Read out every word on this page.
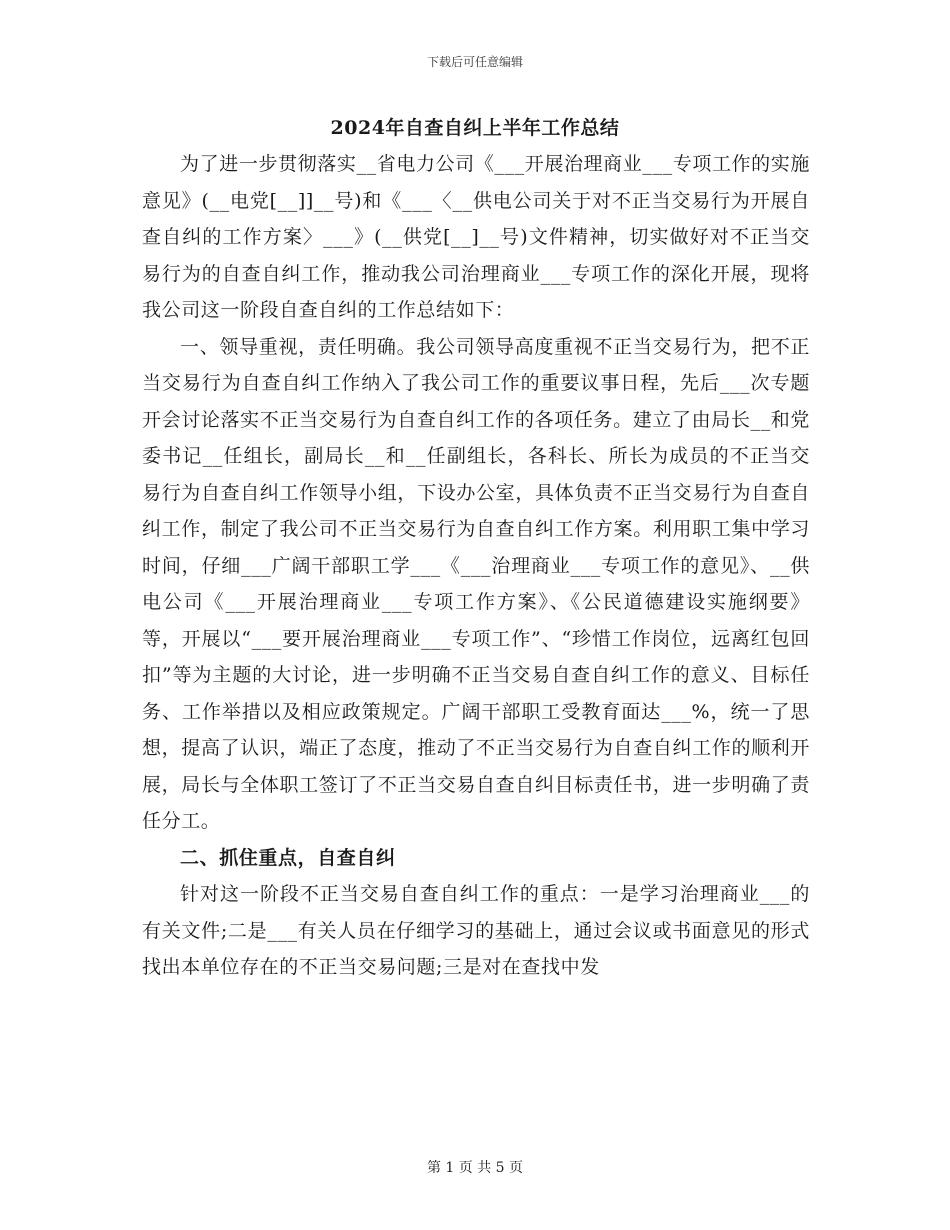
下载后可任意编辑
2024年自查自纠上半年工作总结

为了进一步贯彻落实__省电力公司《___开展治理商业___专项工作的实施意见》(__电党[__]]__号)和《___〈__供电公司关于对不正当交易行为开展自查自纠的工作方案〉___》(__供党[__]__号)文件精神，切实做好对不正当交易行为的自查自纠工作，推动我公司治理商业___专项工作的深化开展，现将我公司这一阶段自查自纠的工作总结如下：

一、领导重视，责任明确。我公司领导高度重视不正当交易行为，把不正当交易行为自查自纠工作纳入了我公司工作的重要议事日程，先后___次专题开会讨论落实不正当交易行为自查自纠工作的各项任务。建立了由局长__和党委书记__任组长，副局长__和__任副组长，各科长、所长为成员的不正当交易行为自查自纠工作领导小组，下设办公室，具体负责不正当交易行为自查自纠工作，制定了我公司不正当交易行为自查自纠工作方案。利用职工集中学习时间，仔细___广阔干部职工学___《___治理商业___专项工作的意见》、__供电公司《___开展治理商业___专项工作方案》、《公民道德建设实施纲要》等，开展以“___要开展治理商业___专项工作”、“珍惜工作岗位，远离红包回扣”等为主题的大讨论，进一步明确不正当交易自查自纠工作的意义、目标任务、工作举措以及相应政策规定。广阔干部职工受教育面达___%，统一了思想，提高了认识，端正了态度，推动了不正当交易行为自查自纠工作的顺利开展，局长与全体职工签订了不正当交易自查自纠目标责任书，进一步明确了责任分工。

二、抓住重点，自查自纠

针对这一阶段不正当交易自查自纠工作的重点：一是学习治理商业___的有关文件;二是___有关人员在仔细学习的基础上，通过会议或书面意见的形式找出本单位存在的不正当交易问题;三是对在查找中发

第 1 页 共 5 页
